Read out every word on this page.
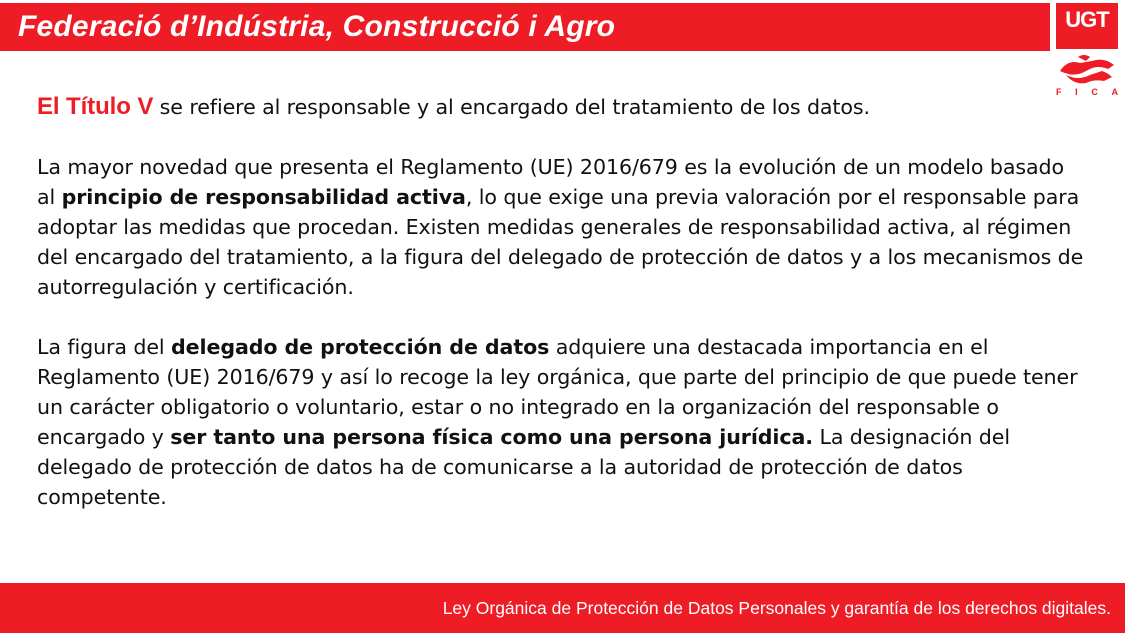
Federació d’Indústria, Construcció i Agro	UGT
F I C A

El Título V se refiere al responsable y al encargado del tratamiento de los datos.

La mayor novedad que presenta el Reglamento (UE) 2016/679 es la evolución de un modelo basado al principio de responsabilidad activa, lo que exige una previa valoración por el responsable para adoptar las medidas que procedan. Existen medidas generales de responsabilidad activa, al régimen del encargado del tratamiento, a la figura del delegado de protección de datos y a los mecanismos de autorregulación y certificación.

La figura del delegado de protección de datos adquiere una destacada importancia en el Reglamento (UE) 2016/679 y así lo recoge la ley orgánica, que parte del principio de que puede tener un carácter obligatorio o voluntario, estar o no integrado en la organización del responsable o encargado y ser tanto una persona física como una persona jurídica. La designación del delegado de protección de datos ha de comunicarse a la autoridad de protección de datos competente.

Ley Orgánica de Protección de Datos Personales y garantía de los derechos digitales.
